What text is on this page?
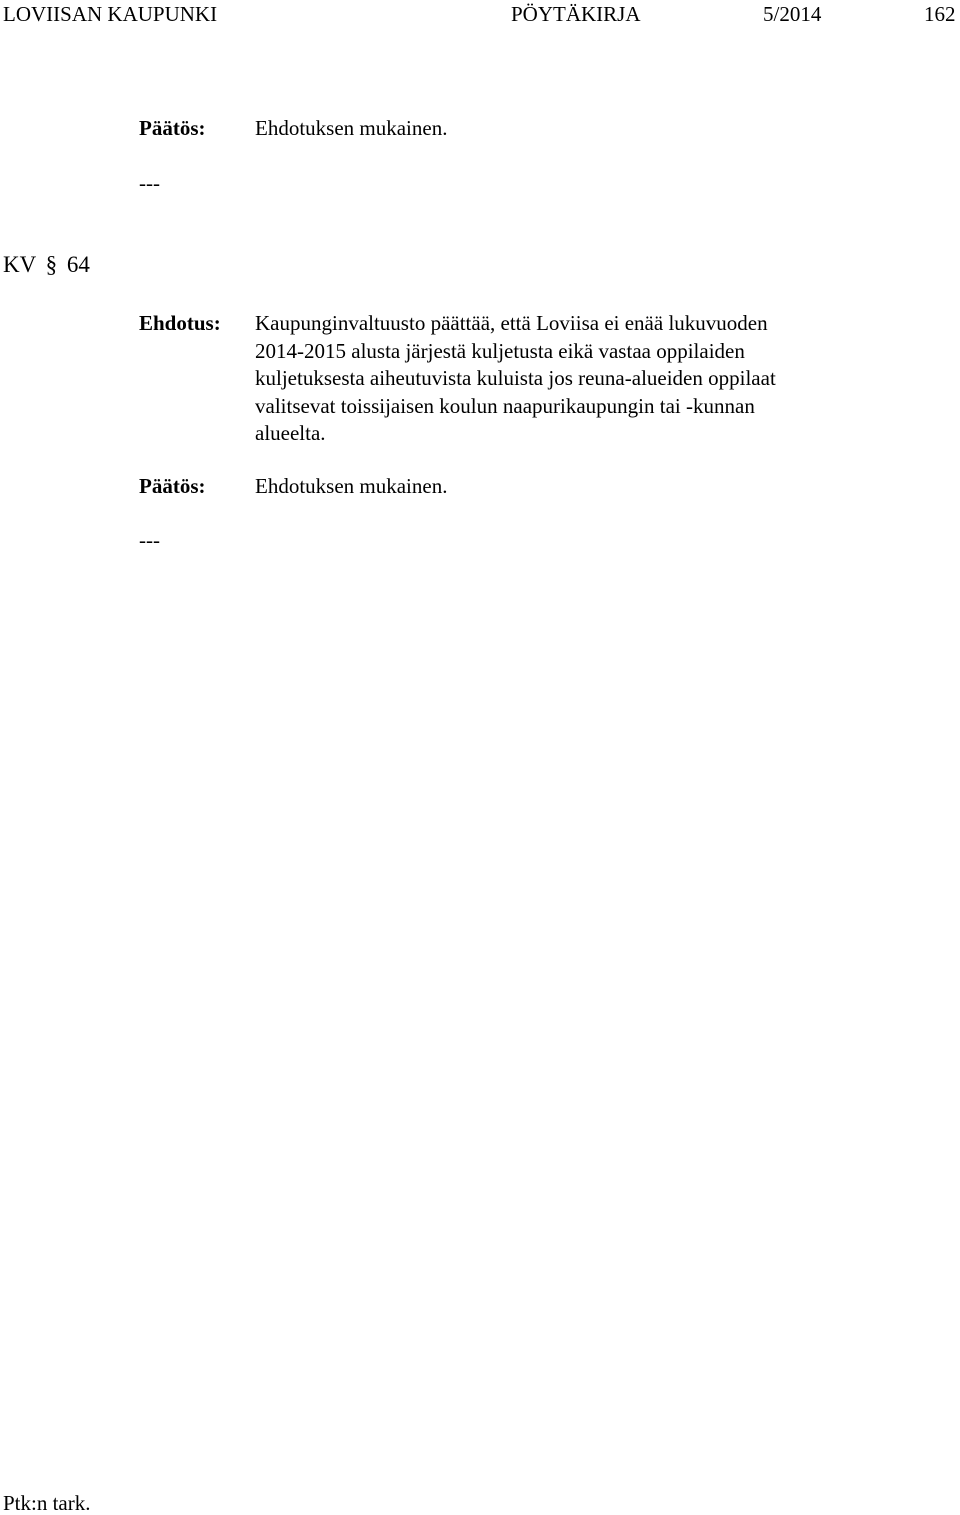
LOVIISAN KAUPUNKI	PÖYTÄKIRJA	5/2014	162
Päätös: Ehdotuksen mukainen.
---
KV § 64
Ehdotus: Kaupunginvaltuusto päättää, että Loviisa ei enää lukuvuoden
2014-2015 alusta järjestä kuljetusta eikä vastaa oppilaiden
kuljetuksesta aiheutuvista kuluista jos reuna-alueiden oppilaat
valitsevat toissijaisen koulun naapurikaupungin tai -kunnan
alueelta.
Päätös: Ehdotuksen mukainen.
---
Ptk:n tark.
